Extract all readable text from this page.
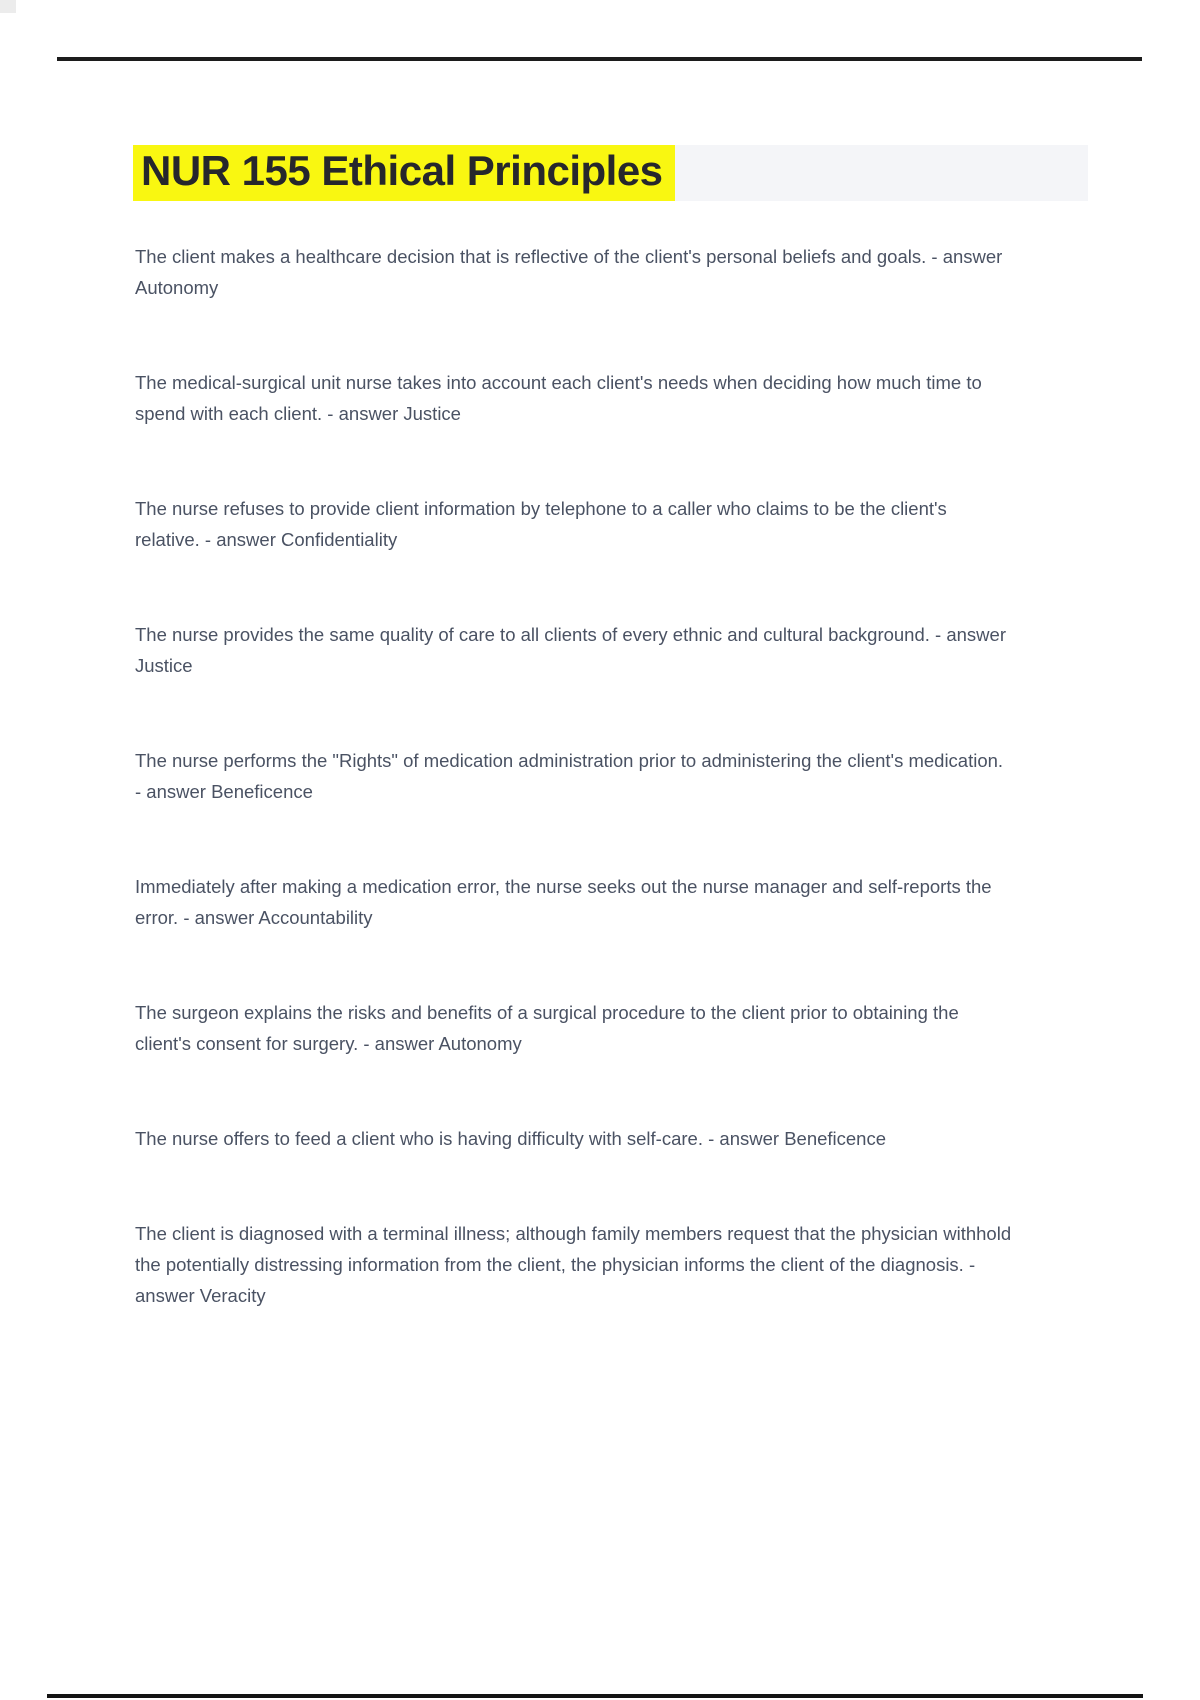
NUR 155 Ethical Principles

The client makes a healthcare decision that is reflective of the client's personal beliefs and goals. - answer Autonomy

The medical-surgical unit nurse takes into account each client's needs when deciding how much time to spend with each client. - answer Justice

The nurse refuses to provide client information by telephone to a caller who claims to be the client's relative. - answer Confidentiality

The nurse provides the same quality of care to all clients of every ethnic and cultural background. - answer Justice

The nurse performs the "Rights" of medication administration prior to administering the client's medication. - answer Beneficence

Immediately after making a medication error, the nurse seeks out the nurse manager and self-reports the error. - answer Accountability

The surgeon explains the risks and benefits of a surgical procedure to the client prior to obtaining the client's consent for surgery. - answer Autonomy

The nurse offers to feed a client who is having difficulty with self-care. - answer Beneficence

The client is diagnosed with a terminal illness; although family members request that the physician withhold the potentially distressing information from the client, the physician informs the client of the diagnosis. - answer Veracity
